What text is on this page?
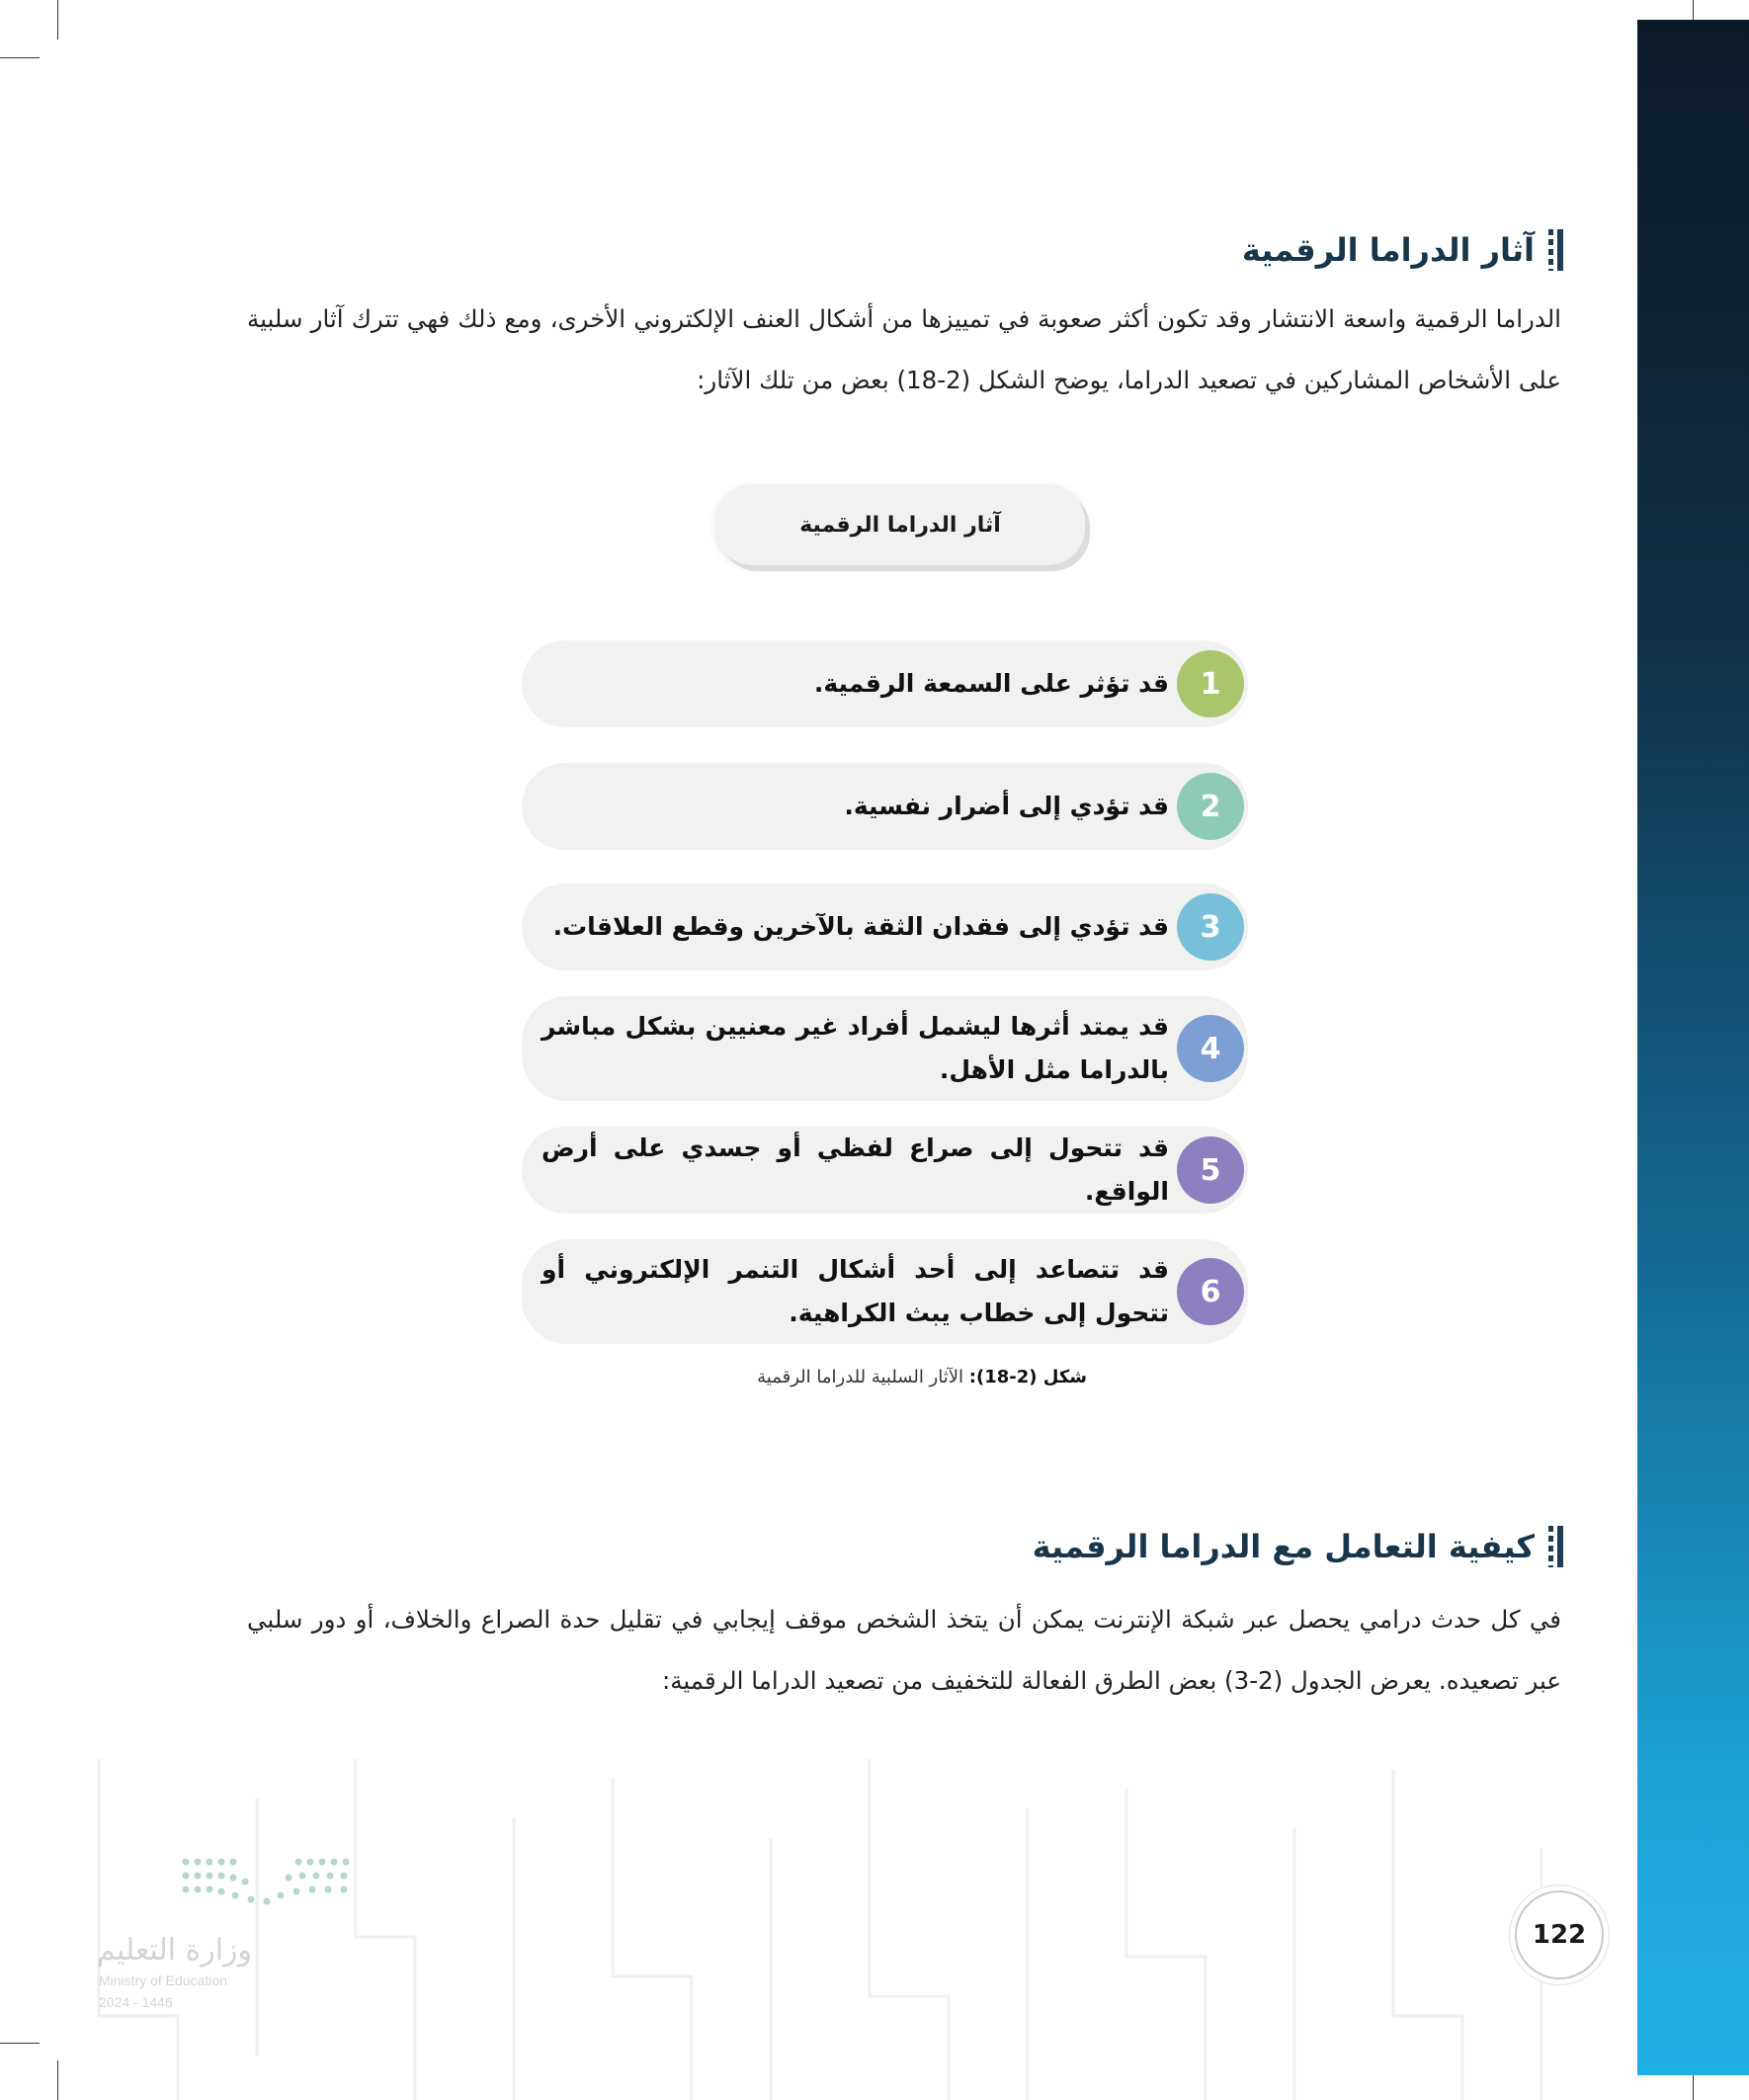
آثار الدراما الرقمية
الدراما الرقمية واسعة الانتشار وقد تكون أكثر صعوبة في تمييزها من أشكال العنف الإلكتروني الأخرى، ومع ذلك فهي تترك آثار سلبية على الأشخاص المشاركين في تصعيد الدراما، يوضح الشكل (2-18) بعض من تلك الآثار:
آثار الدراما الرقمية
1
قد تؤثر على السمعة الرقمية.
2
قد تؤدي إلى أضرار نفسية.
3
قد تؤدي إلى فقدان الثقة بالآخرين وقطع العلاقات.
4
قد يمتد أثرها ليشمل أفراد غير معنيين بشكل مباشر بالدراما مثل الأهل.
5
قد تتحول إلى صراع لفظي أو جسدي على أرض الواقع.
6
قد تتصاعد إلى أحد أشكال التنمر الإلكتروني أو تتحول إلى خطاب يبث الكراهية.
شكل (2-18): الآثار السلبية للدراما الرقمية
كيفية التعامل مع الدراما الرقمية
في كل حدث درامي يحصل عبر شبكة الإنترنت يمكن أن يتخذ الشخص موقف إيجابي في تقليل حدة الصراع والخلاف، أو دور سلبي عبر تصعيده. يعرض الجدول (2-3) بعض الطرق الفعالة للتخفيف من تصعيد الدراما الرقمية:
وزارة التعليم
Ministry of Education
2024 - 1446
122
